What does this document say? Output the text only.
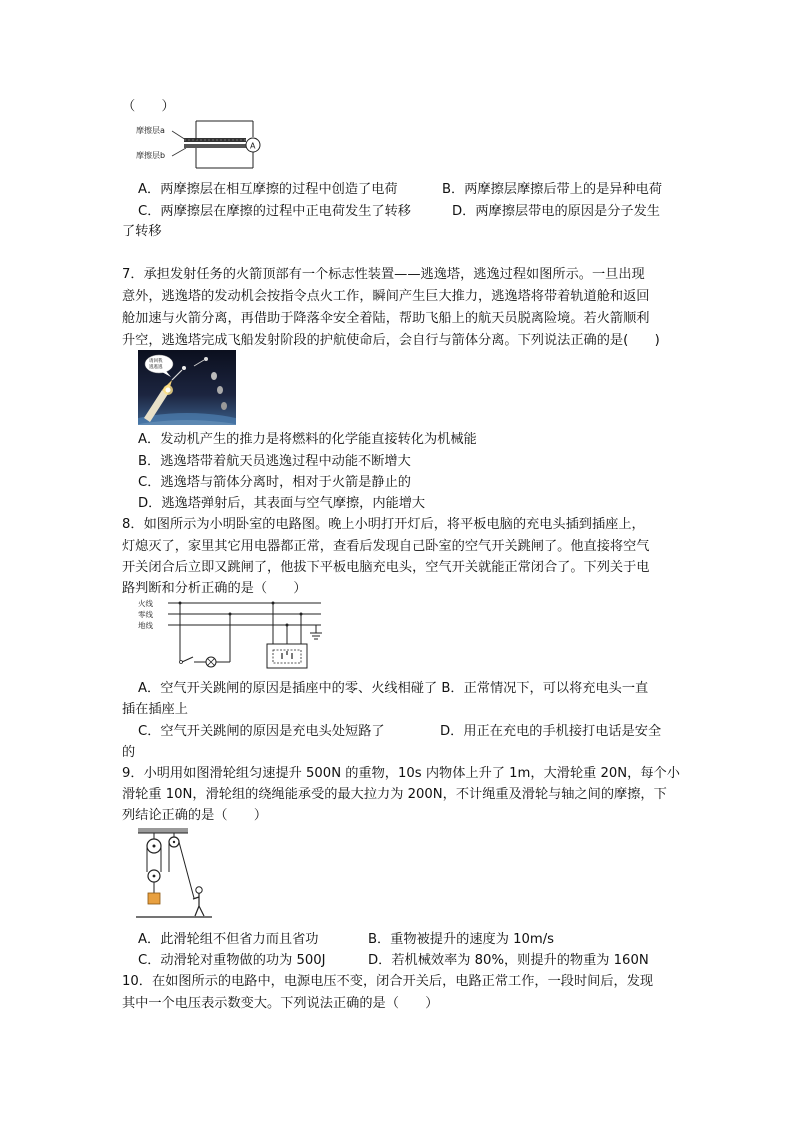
（　　）
摩擦层a
摩擦层b
A
A．两摩擦层在相互摩擦的过程中创造了电荷	B．两摩擦层摩擦后带上的是异种电荷
C．两摩擦层在摩擦的过程中正电荷发生了转移	D．两摩擦层带电的原因是分子发生
了转移
7．承担发射任务的火箭顶部有一个标志性装置——逃逸塔，逃逸过程如图所示。一旦出现
意外，逃逸塔的发动机会按指令点火工作，瞬间产生巨大推力，逃逸塔将带着轨道舱和返回
舱加速与火箭分离，再借助于降落伞安全着陆，帮助飞船上的航天员脱离险境。若火箭顺利
升空，逃逸塔完成飞船发射阶段的护航使命后，会自行与箭体分离。下列说法正确的是(　　)
请回我
逃逃逃
A．发动机产生的推力是将燃料的化学能直接转化为机械能
B．逃逸塔带着航天员逃逸过程中动能不断增大
C．逃逸塔与箭体分离时，相对于火箭是静止的
D．逃逸塔弹射后，其表面与空气摩擦，内能增大
8．如图所示为小明卧室的电路图。晚上小明打开灯后，将平板电脑的充电头插到插座上，
灯熄灭了，家里其它用电器都正常，查看后发现自己卧室的空气开关跳闸了。他直接将空气
开关闭合后立即又跳闸了，他拔下平板电脑充电头，空气开关就能正常闭合了。下列关于电
路判断和分析正确的是（　　）
火线
零线
地线
A．空气开关跳闸的原因是插座中的零、火线相碰了 B．正常情况下，可以将充电头一直
插在插座上
C．空气开关跳闸的原因是充电头处短路了	D．用正在充电的手机接打电话是安全
的
9．小明用如图滑轮组匀速提升 500N 的重物，10s 内物体上升了 1m，大滑轮重 20N，每个小
滑轮重 10N，滑轮组的绕绳能承受的最大拉力为 200N，不计绳重及滑轮与轴之间的摩擦，下
列结论正确的是（　　）
A．此滑轮组不但省力而且省功	B．重物被提升的速度为 10m/s
C．动滑轮对重物做的功为 500J	D．若机械效率为 80%，则提升的物重为 160N
10．在如图所示的电路中，电源电压不变，闭合开关后，电路正常工作，一段时间后，发现
其中一个电压表示数变大。下列说法正确的是（　　）
